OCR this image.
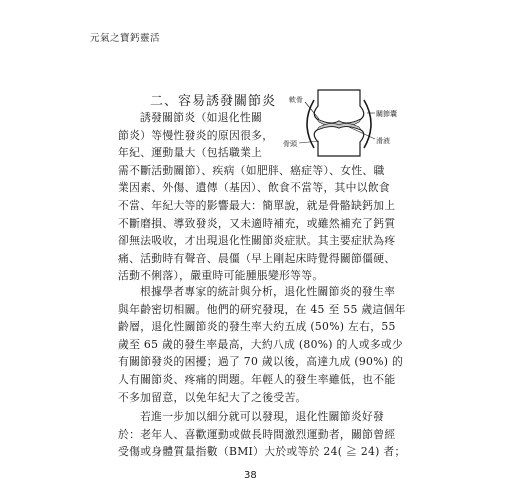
元氣之寶鈣靈活
二、容易誘發關節炎 軟骨
關節囊
骨頭	滑液
誘發關節炎（如退化性關
節炎）等慢性發炎的原因很多，
年紀、運動量大（包括職業上
需不斷活動關節）、疾病（如肥胖、癌症等）、女性、職
業因素、外傷、遺傳（基因）、飲食不當等，其中以飲食
不當、年紀大等的影響最大：簡單說，就是骨骼缺鈣加上
不斷磨損、導致發炎，又未適時補充，或雖然補充了鈣質
卻無法吸收，才出現退化性關節炎症狀。其主要症狀為疼
痛、活動時有聲音、晨僵（早上剛起床時覺得關節僵硬、
活動不俐落），嚴重時可能腫脹變形等等。
根據學者專家的統計與分析，退化性關節炎的發生率
與年齡密切相關。他們的研究發現，在 45 至 55 歲這個年
齡層，退化性關節炎的發生率大約五成 (50%) 左右，55
歲至 65 歲的發生率最高，大約八成 (80%) 的人或多或少
有關節發炎的困擾；過了 70 歲以後，高達九成 (90%) 的
人有關節炎、疼痛的問題。年輕人的發生率雖低，也不能
不多加留意，以免年紀大了之後受苦。
若進一步加以細分就可以發現，退化性關節炎好發
於：老年人、喜歡運動或做長時間激烈運動者，關節曾經
受傷或身體質量指數（BMI）大於或等於 24( ≧ 24) 者；
38
